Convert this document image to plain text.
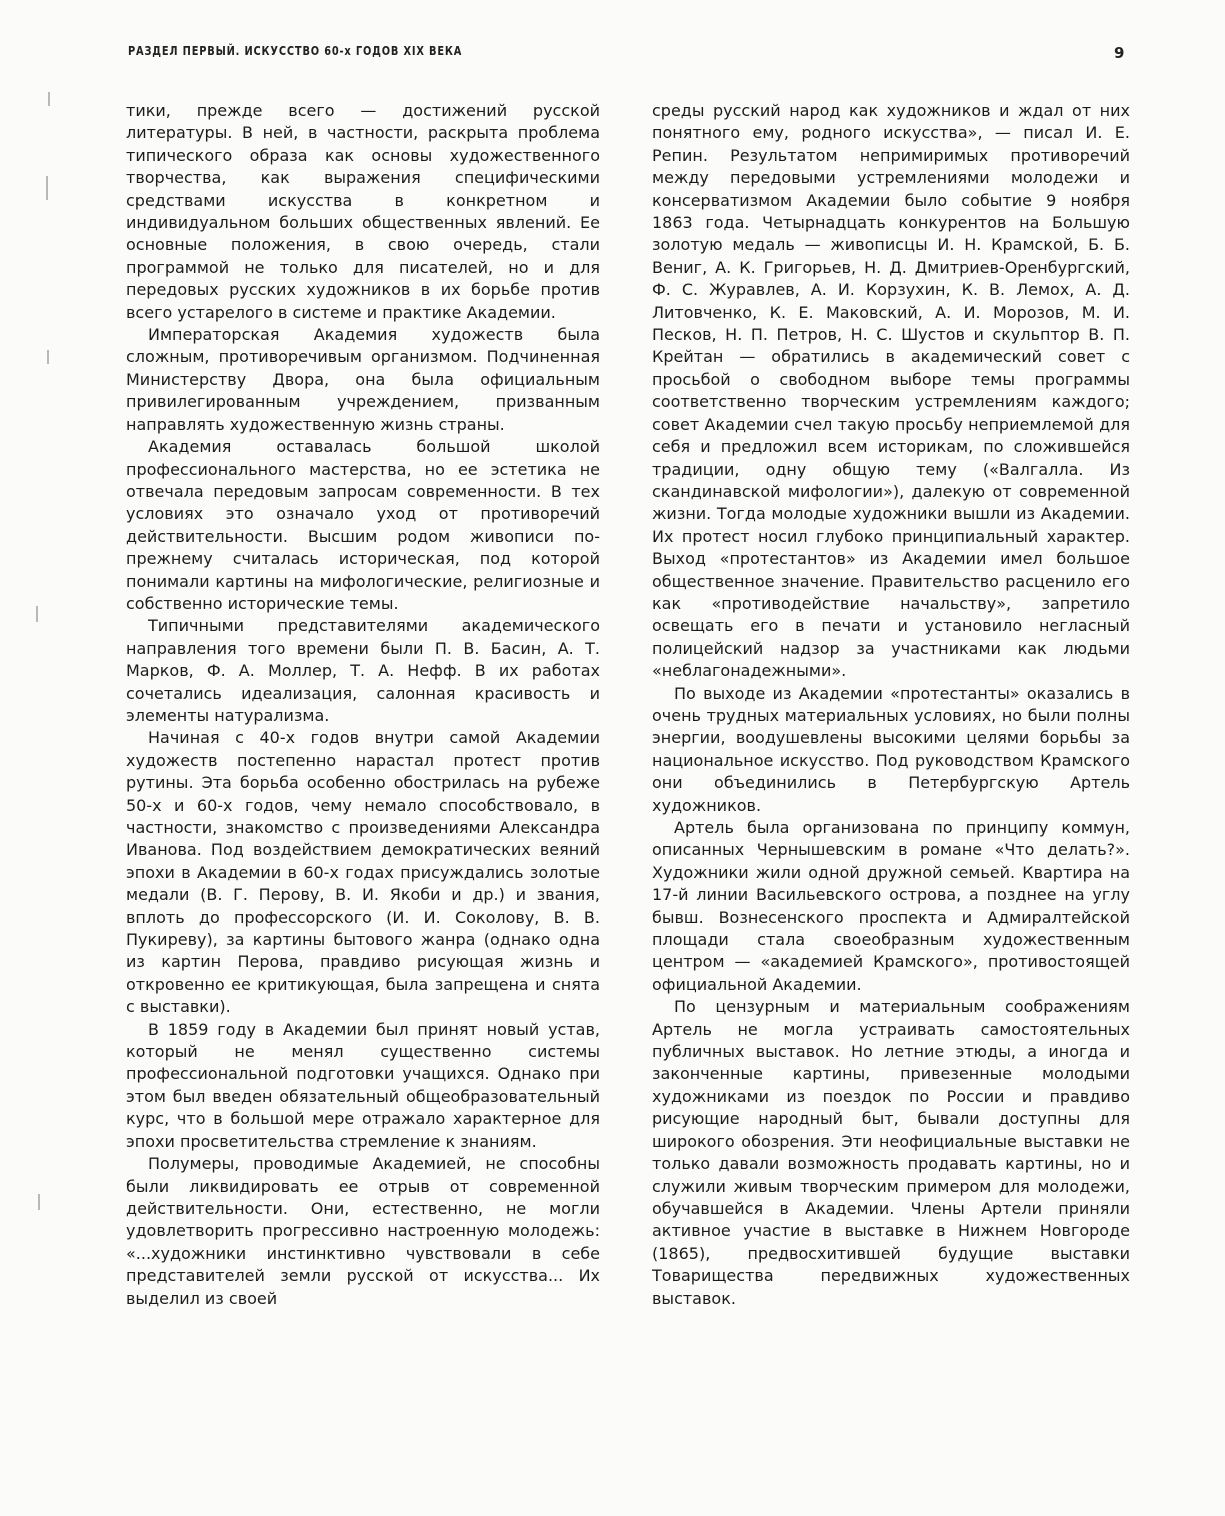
РАЗДЕЛ ПЕРВЫЙ. ИСКУССТВО 60-х ГОДОВ XIX ВЕКА	9

тики, прежде всего — достижений русской литературы. В ней, в частности, раскрыта проблема типического образа как основы художественного творчества, как выражения специфическими средствами искусства в конкретном и индивидуальном больших общественных явлений. Ее основные положения, в свою очередь, стали программой не только для писателей, но и для передовых русских художников в их борьбе против всего устарелого в системе и практике Академии.

Императорская Академия художеств была сложным, противоречивым организмом. Подчиненная Министерству Двора, она была официальным привилегированным учреждением, призванным направлять художественную жизнь страны.

Академия оставалась большой школой профессионального мастерства, но ее эстетика не отвечала передовым запросам современности. В тех условиях это означало уход от противоречий действительности. Высшим родом живописи по-прежнему считалась историческая, под которой понимали картины на мифологические, религиозные и собственно исторические темы.

Типичными представителями академического направления того времени были П. В. Басин, А. Т. Марков, Ф. А. Моллер, Т. А. Нефф. В их работах сочетались идеализация, салонная красивость и элементы натурализма.

Начиная с 40-х годов внутри самой Академии художеств постепенно нарастал протест против рутины. Эта борьба особенно обострилась на рубеже 50-х и 60-х годов, чему немало способствовало, в частности, знакомство с произведениями Александра Иванова. Под воздействием демократических веяний эпохи в Академии в 60-х годах присуждались золотые медали (В. Г. Перову, В. И. Якоби и др.) и звания, вплоть до профессорского (И. И. Соколову, В. В. Пукиреву), за картины бытового жанра (однако одна из картин Перова, правдиво рисующая жизнь и откровенно ее критикующая, была запрещена и снята с выставки).

В 1859 году в Академии был принят новый устав, который не менял существенно системы профессиональной подготовки учащихся. Однако при этом был введен обязательный общеобразовательный курс, что в большой мере отражало характерное для эпохи просветительства стремление к знаниям.

Полумеры, проводимые Академией, не способны были ликвидировать ее отрыв от современной действительности. Они, естественно, не могли удовлетворить прогрессивно настроенную молодежь: «...художники инстинктивно чувствовали в себе представителей земли русской от искусства... Их выделил из своей

среды русский народ как художников и ждал от них понятного ему, родного искусства», — писал И. Е. Репин. Результатом непримиримых противоречий между передовыми устремлениями молодежи и консерватизмом Академии было событие 9 ноября 1863 года. Четырнадцать конкурентов на Большую золотую медаль — живописцы И. Н. Крамской, Б. Б. Вениг, А. К. Григорьев, Н. Д. Дмитриев-Оренбургский, Ф. С. Журавлев, А. И. Корзухин, К. В. Лемох, А. Д. Литовченко, К. Е. Маковский, А. И. Морозов, М. И. Песков, Н. П. Петров, Н. С. Шустов и скульптор В. П. Крейтан — обратились в академический совет с просьбой о свободном выборе темы программы соответственно творческим устремлениям каждого; совет Академии счел такую просьбу неприемлемой для себя и предложил всем историкам, по сложившейся традиции, одну общую тему («Валгалла. Из скандинавской мифологии»), далекую от современной жизни. Тогда молодые художники вышли из Академии. Их протест носил глубоко принципиальный характер. Выход «протестантов» из Академии имел большое общественное значение. Правительство расценило его как «противодействие начальству», запретило освещать его в печати и установило негласный полицейский надзор за участниками как людьми «неблагонадежными».

По выходе из Академии «протестанты» оказались в очень трудных материальных условиях, но были полны энергии, воодушевлены высокими целями борьбы за национальное искусство. Под руководством Крамского они объединились в Петербургскую Артель художников.

Артель была организована по принципу коммун, описанных Чернышевским в романе «Что делать?». Художники жили одной дружной семьей. Квартира на 17-й линии Васильевского острова, а позднее на углу бывш. Вознесенского проспекта и Адмиралтейской площади стала своеобразным художественным центром — «академией Крамского», противостоящей официальной Академии.

По цензурным и материальным соображениям Артель не могла устраивать самостоятельных публичных выставок. Но летние этюды, а иногда и законченные картины, привезенные молодыми художниками из поездок по России и правдиво рисующие народный быт, бывали доступны для широкого обозрения. Эти неофициальные выставки не только давали возможность продавать картины, но и служили живым творческим примером для молодежи, обучавшейся в Академии. Члены Артели приняли активное участие в выставке в Нижнем Новгороде (1865), предвосхитившей будущие выставки Товарищества передвижных художественных выставок.
